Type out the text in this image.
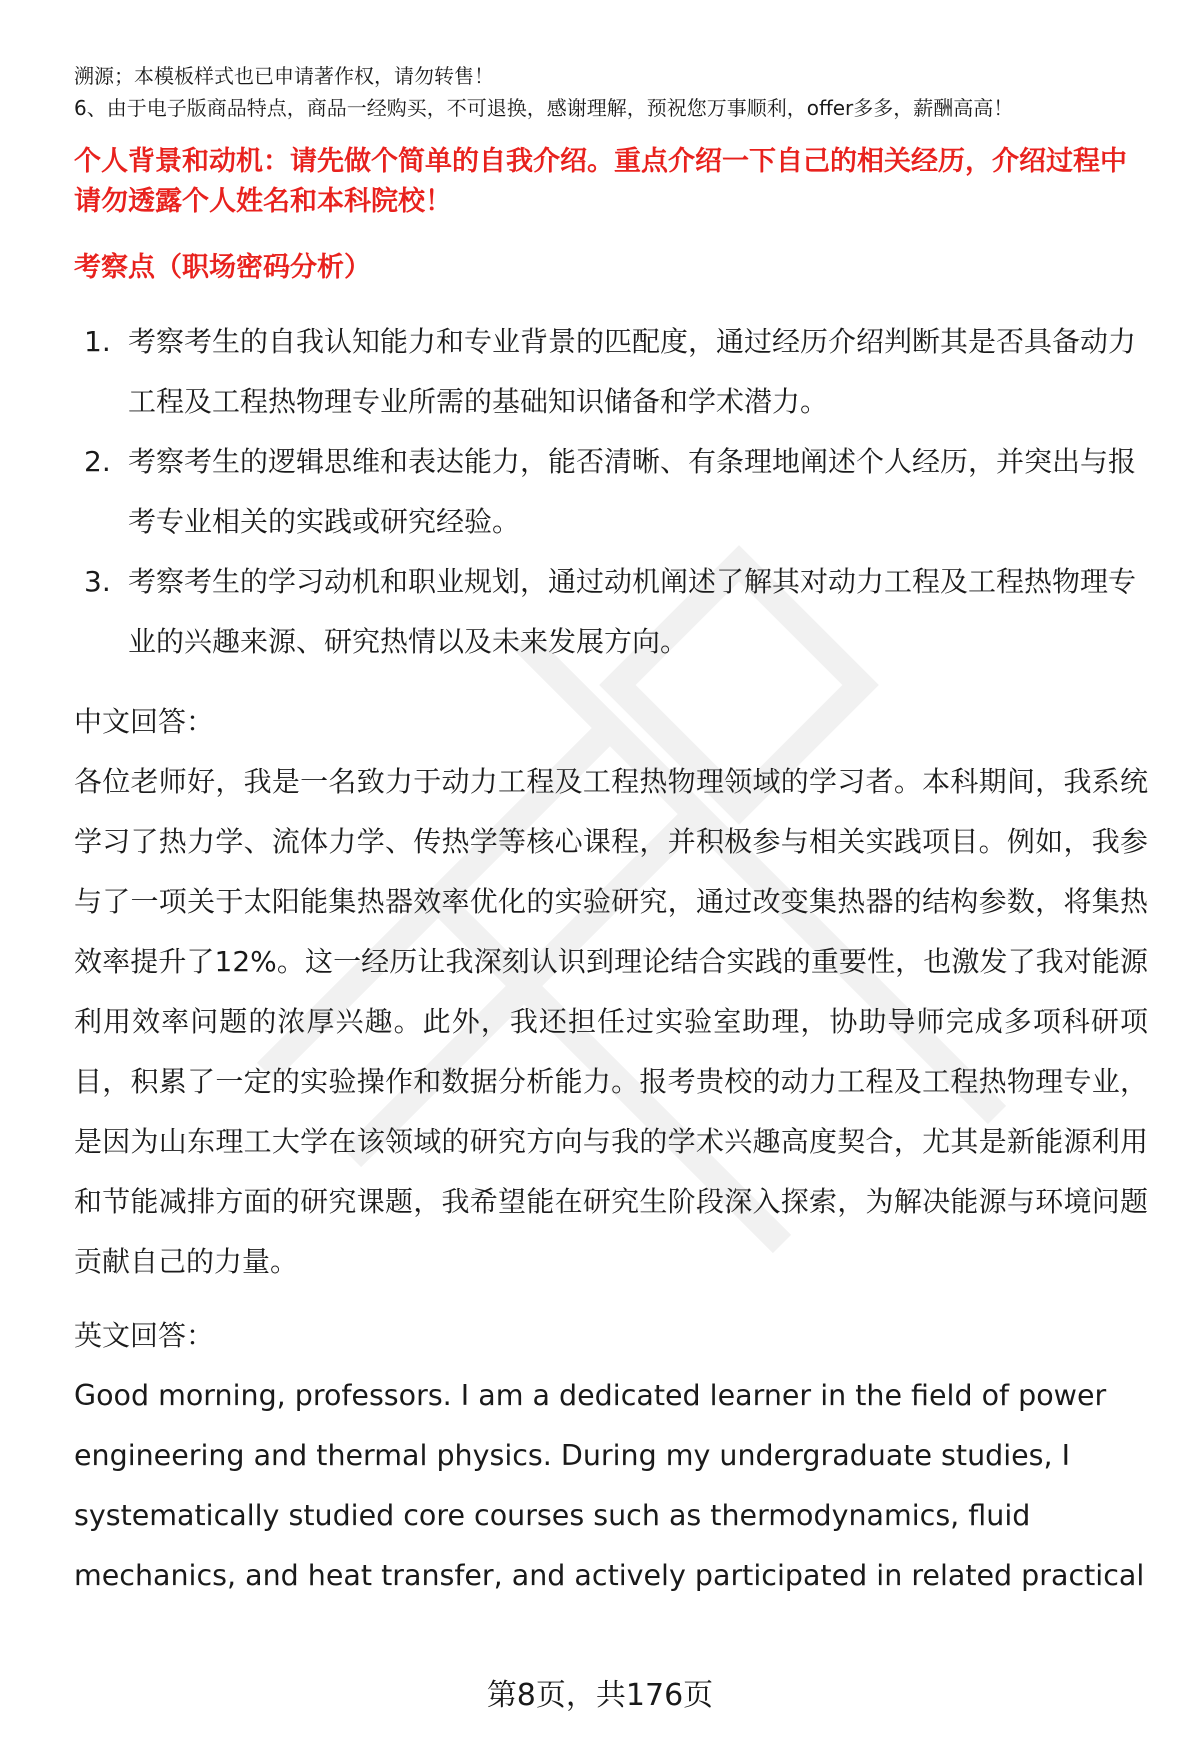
溯源；本模板样式也已申请著作权，请勿转售！

6、由于电子版商品特点，商品一经购买，不可退换，感谢理解，预祝您万事顺利，offer多多，薪酬高高！

个人背景和动机：请先做个简单的自我介绍。重点介绍一下自己的相关经历，介绍过程中请勿透露个人姓名和本科院校！
考察点（职场密码分析）
1. 考察考生的自我认知能力和专业背景的匹配度，通过经历介绍判断其是否具备动力工程及工程热物理专业所需的基础知识储备和学术潜力。
2. 考察考生的逻辑思维和表达能力，能否清晰、有条理地阐述个人经历，并突出与报考专业相关的实践或研究经验。
3. 考察考生的学习动机和职业规划，通过动机阐述了解其对动力工程及工程热物理专业的兴趣来源、研究热情以及未来发展方向。
中文回答：

各位老师好，我是一名致力于动力工程及工程热物理领域的学习者。本科期间，我系统学习了热力学、流体力学、传热学等核心课程，并积极参与相关实践项目。例如，我参与了一项关于太阳能集热器效率优化的实验研究，通过改变集热器的结构参数，将集热效率提升了12%。这一经历让我深刻认识到理论结合实践的重要性，也激发了我对能源利用效率问题的浓厚兴趣。此外，我还担任过实验室助理，协助导师完成多项科研项目，积累了一定的实验操作和数据分析能力。报考贵校的动力工程及工程热物理专业，是因为山东理工大学在该领域的研究方向与我的学术兴趣高度契合，尤其是新能源利用和节能减排方面的研究课题，我希望能在研究生阶段深入探索，为解决能源与环境问题贡献自己的力量。

英文回答：

Good morning, professors. I am a dedicated learner in the field of power engineering and thermal physics. During my undergraduate studies, I systematically studied core courses such as thermodynamics, fluid mechanics, and heat transfer, and actively participated in related practical

第8页，共176页
